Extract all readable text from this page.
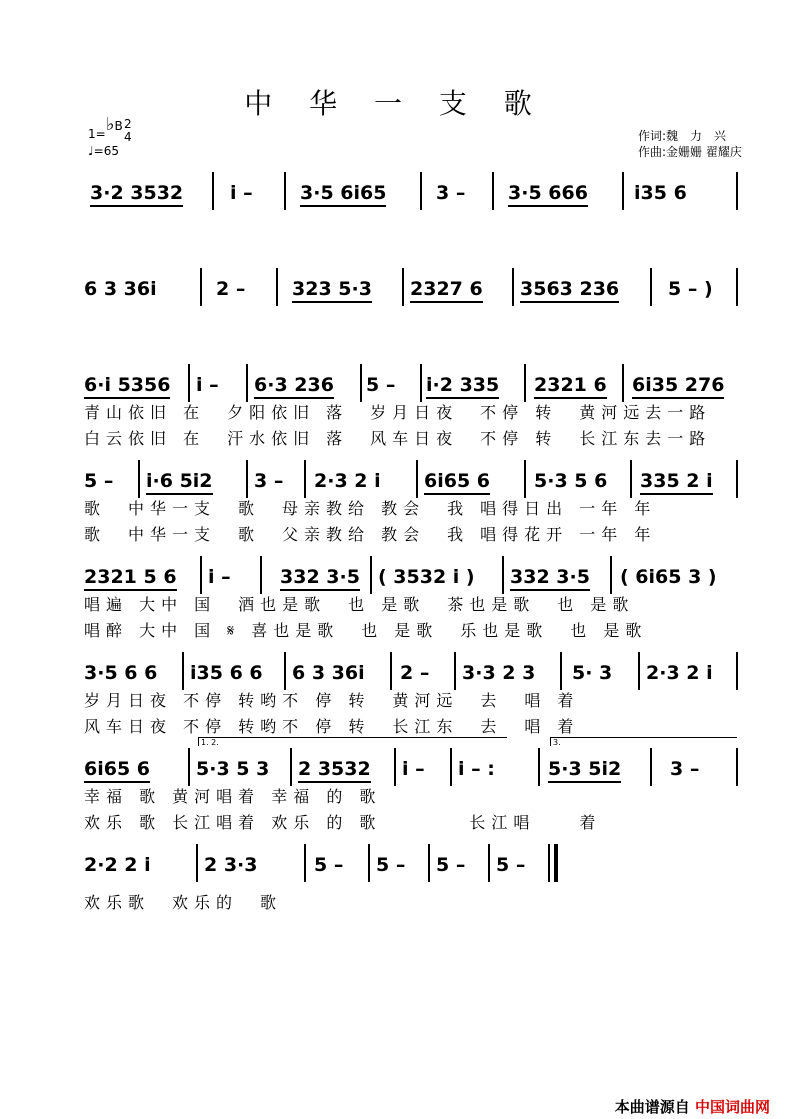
中 华 一 支 歌
1= ♭B 2
4
♩=65
作词:魏　力　兴
作曲:金姗姗 翟耀庆
3·2 3532 i – 3·5 6i65	3 – 3·5 666 i35 6
6 3 36i	2 – 323 5·3 2327 6 3563 236	5 – )
6·i 5356 i – 6·3 236 5 – i·2 335 2321 6 6i35 276
青山依旧 在　夕阳依旧 落　岁月日夜　不停 转　黄河远去一路
白云依旧 在　汗水依旧 落　风车日夜　不停 转　长江东去一路
5 – i·6 5i2 3 – 2·3 2 i 6i65 6 5·3 5 6 335 2 i
歌　中华一支　歌　母亲教给 教会　我 唱得日出 一年 年
歌　中华一支　歌　父亲教给 教会　我 唱得花开 一年 年
2321 5 6 i –	332 3·5 ( 3532 i ) 332 3·5 ( 6i65 3 )
唱遍 大中 国　酒也是歌　也 是歌　茶也是歌　也 是歌
唱醉 大中 国 𝄋 喜也是歌　也 是歌　乐也是歌　也 是歌
3·5 6 6 i35 6 6 6 3 36i 2 – 3·3 2 3 5· 3 2·3 2 i
岁月日夜 不停 转哟不 停 转　黄河远　去　唱 着
风车日夜 不停 转哟不 停 转　长江东　去　唱 着
1. 2.	3.
6i65 6 5·3 5 3 2 3532 i – i – :	5·3 5i2	3 –
幸福 歌 黄河唱着 幸福 的 歌
欢乐 歌 长江唱着 欢乐 的 歌　　　　长江唱　　着
2·2 2 i	2 3·3	5 – 5 – 5 – 5 –
欢乐歌　欢乐的　歌
本曲谱源自 中国词曲网
